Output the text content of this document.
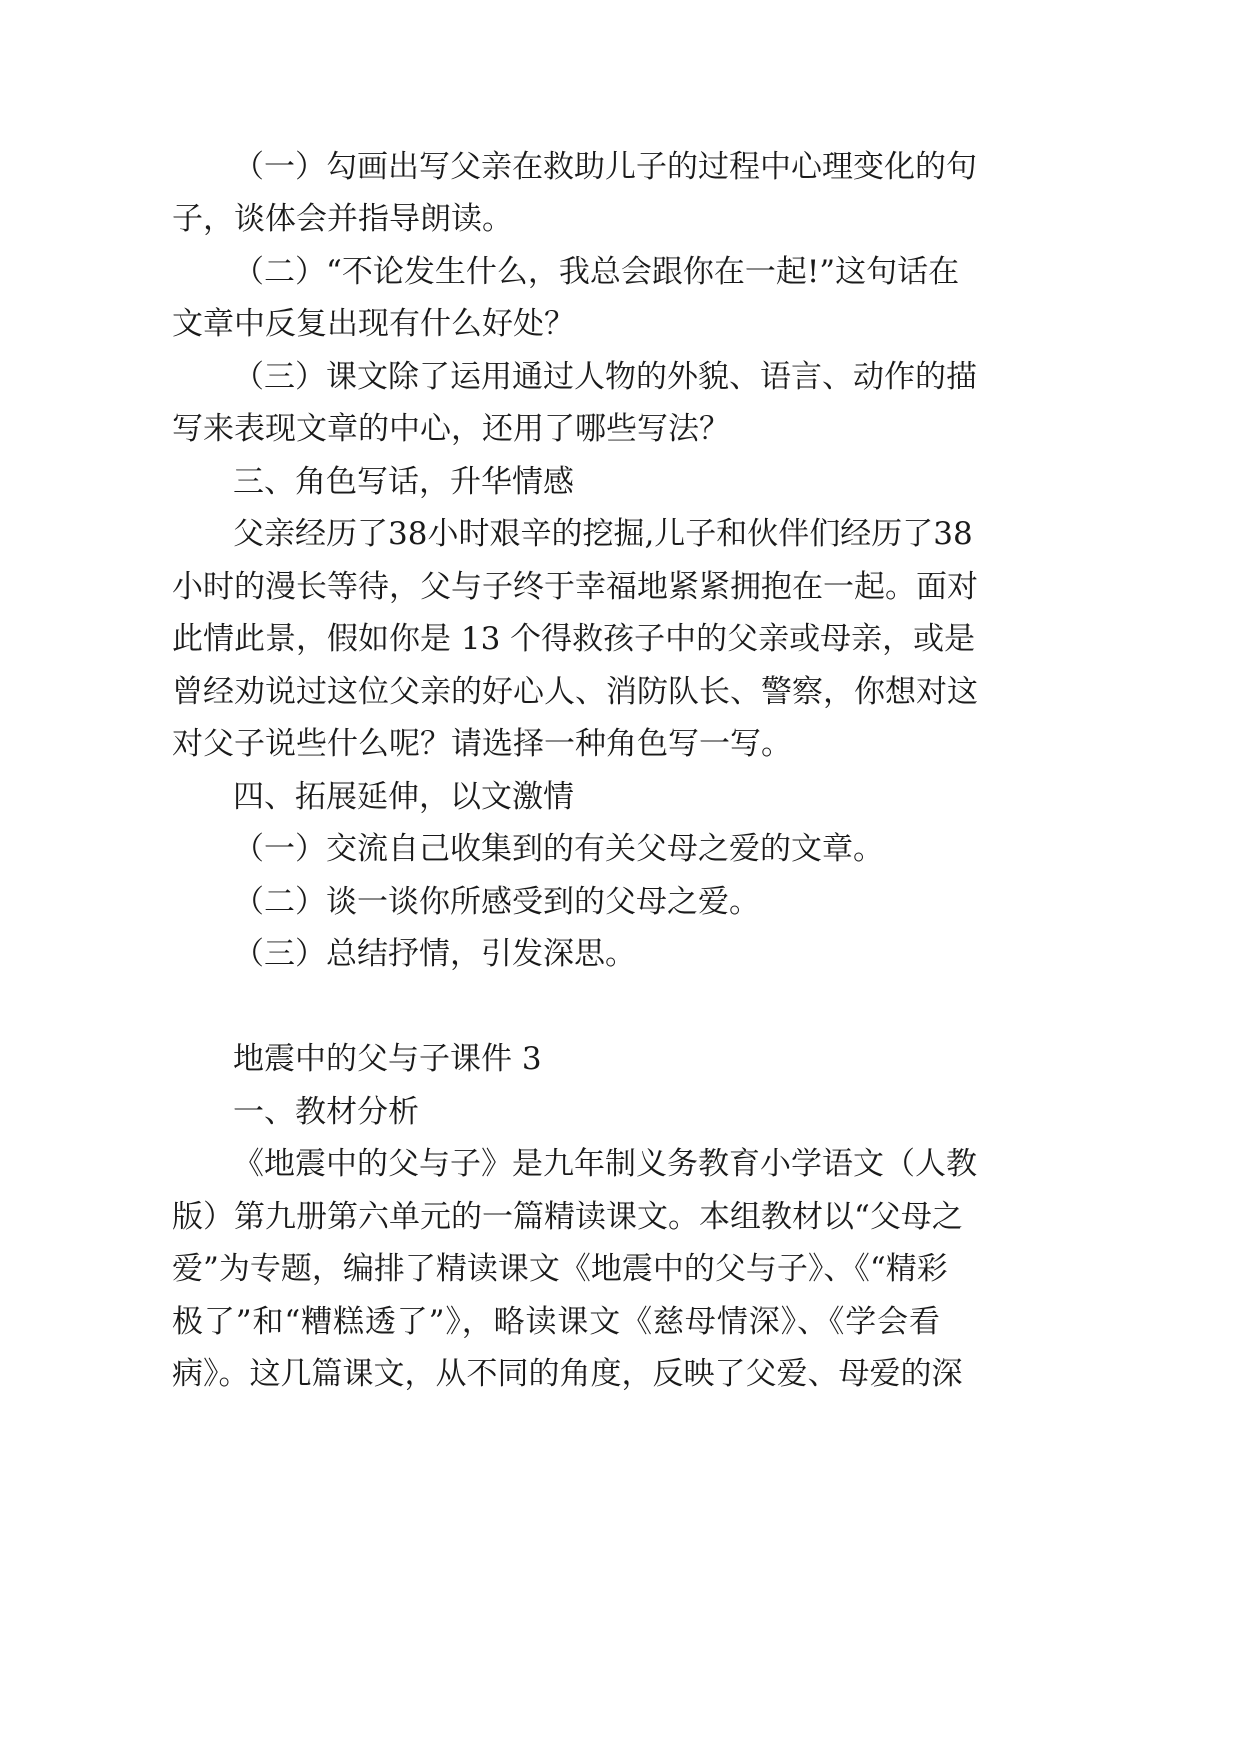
（一）勾画出写父亲在救助儿子的过程中心理变化的句
子，谈体会并指导朗读。
（二）“不论发生什么，我总会跟你在一起!”这句话在
文章中反复出现有什么好处？
（三）课文除了运用通过人物的外貌、语言、动作的描
写来表现文章的中心，还用了哪些写法？
三、角色写话，升华情感
父亲经历了38小时艰辛的挖掘,儿子和伙伴们经历了38
小时的漫长等待，父与子终于幸福地紧紧拥抱在一起。面对
此情此景，假如你是 13 个得救孩子中的父亲或母亲，或是
曾经劝说过这位父亲的好心人、消防队长、警察，你想对这
对父子说些什么呢？请选择一种角色写一写。
四、拓展延伸，以文激情
（一）交流自己收集到的有关父母之爱的文章。
（二）谈一谈你所感受到的父母之爱。
（三）总结抒情，引发深思。
地震中的父与子课件 3
一、教材分析
《地震中的父与子》是九年制义务教育小学语文（人教
版）第九册第六单元的一篇精读课文。本组教材以“父母之
爱”为专题，编排了精读课文《地震中的父与子》、《“精彩
极了”和“糟糕透了”》，略读课文《慈母情深》、《学会看
病》。这几篇课文，从不同的角度，反映了父爱、母爱的深
